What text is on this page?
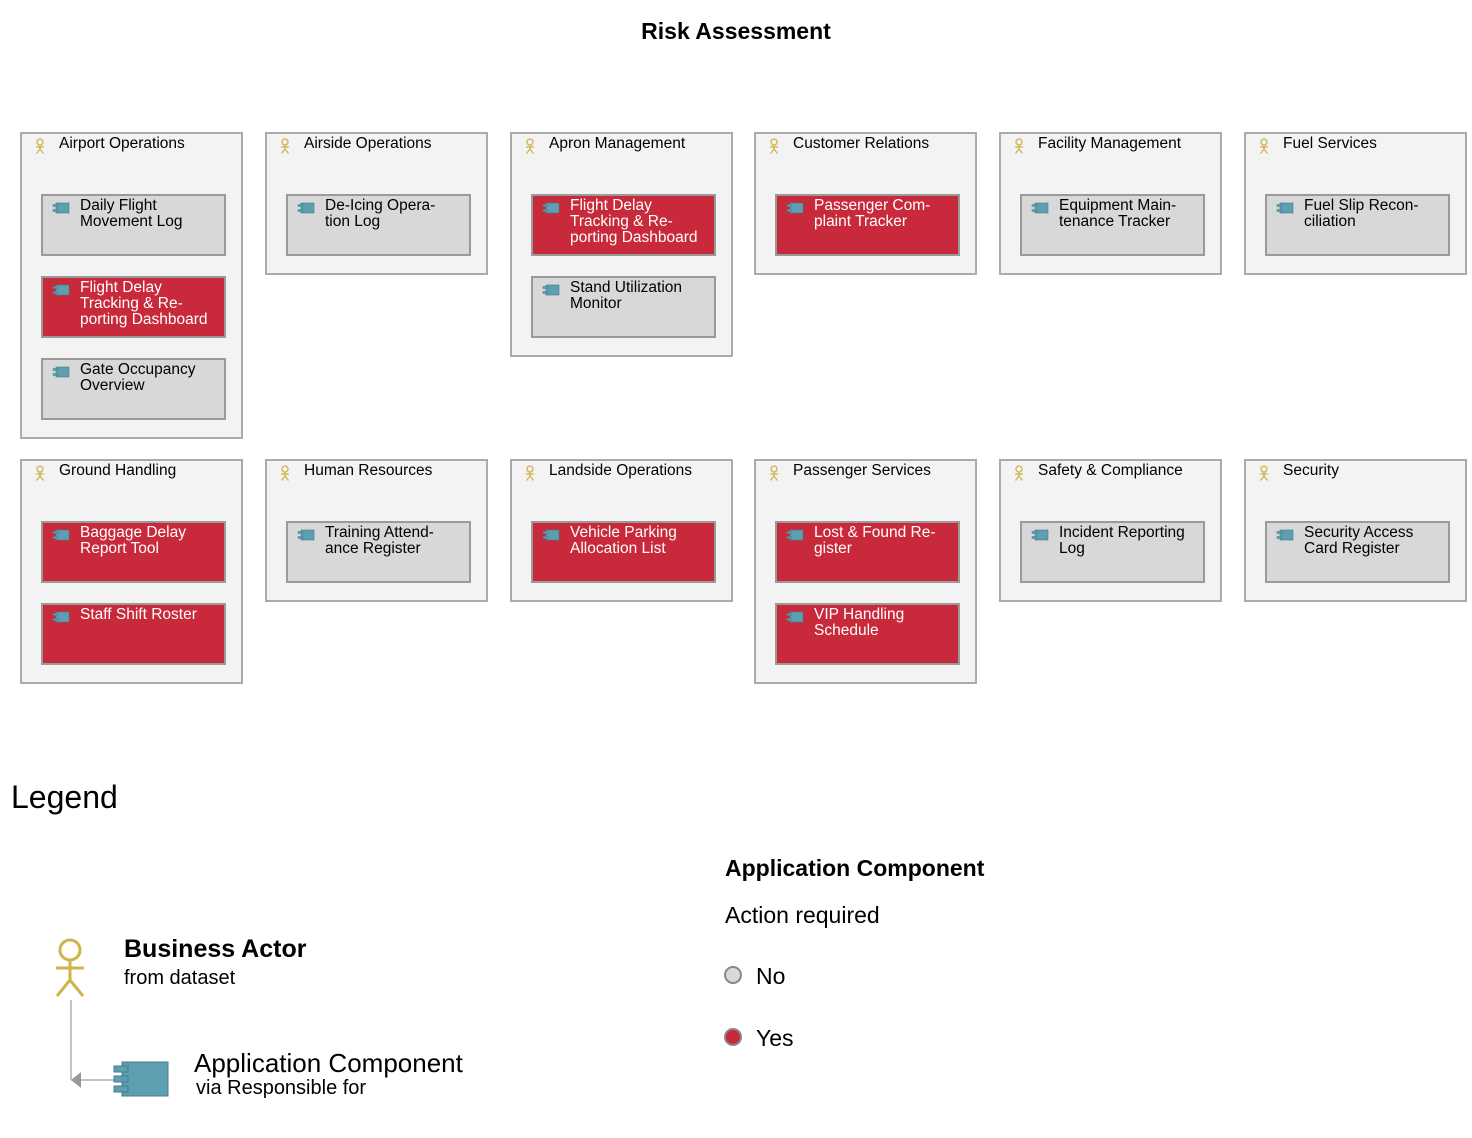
Risk Assessment
Airport Operations
Daily Flight
Movement Log
Flight Delay
Tracking & Re-
porting Dashboard
Gate Occupancy
Overview
Airside Operations
De-Icing Opera-
tion Log
Apron Management
Flight Delay
Tracking & Re-
porting Dashboard
Stand Utilization
Monitor
Customer Relations
Passenger Com-
plaint Tracker
Facility Management
Equipment Main-
tenance Tracker
Fuel Services
Fuel Slip Recon-
ciliation
Ground Handling
Baggage Delay
Report Tool
Staff Shift Roster
Human Resources
Training Attend-
ance Register
Landside Operations
Vehicle Parking
Allocation List
Passenger Services
Lost & Found Re-
gister
VIP Handling
Schedule
Safety & Compliance
Incident Reporting
Log
Security
Security Access
Card Register
Legend
Business Actor
from dataset
Application Component
via Responsible for
Application Component
Action required
No
Yes
